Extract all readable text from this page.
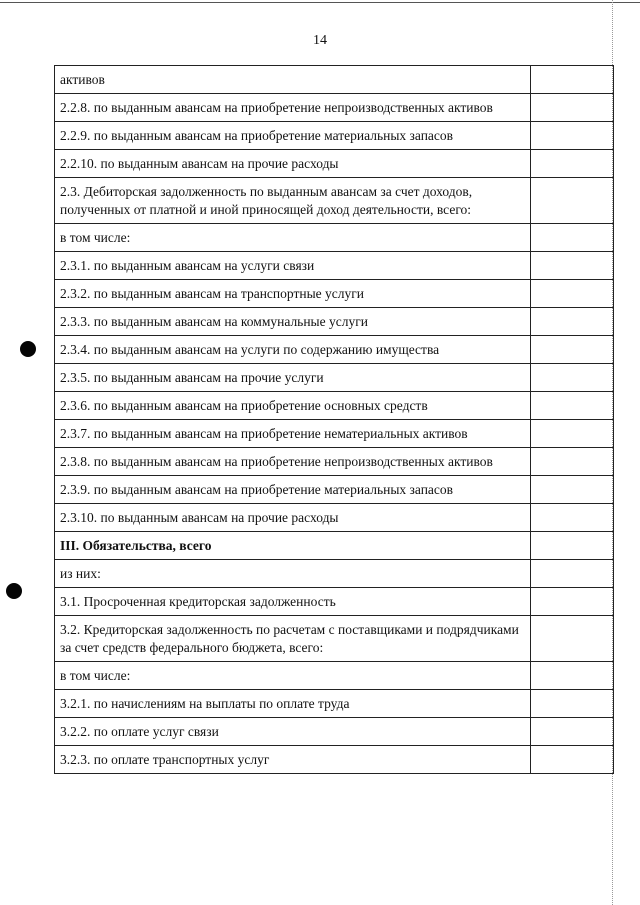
14
активов	
2.2.8. по выданным авансам на приобретение непроизводственных активов	
2.2.9. по выданным авансам на приобретение материальных запасов	
2.2.10. по выданным авансам на прочие расходы	
2.3. Дебиторская задолженность по выданным авансам за счет доходов, полученных от платной и иной приносящей доход деятельности, всего:	
в том числе:	
2.3.1. по выданным авансам на услуги связи	
2.3.2. по выданным авансам на транспортные услуги	
2.3.3. по выданным авансам на коммунальные услуги	
2.3.4. по выданным авансам на услуги по содержанию имущества	
2.3.5. по выданным авансам на прочие услуги	
2.3.6. по выданным авансам на приобретение основных средств	
2.3.7. по выданным авансам на приобретение нематериальных активов	
2.3.8. по выданным авансам на приобретение непроизводственных активов	
2.3.9. по выданным авансам на приобретение материальных запасов	
2.3.10. по выданным авансам на прочие расходы	
III. Обязательства, всего	
из них:	
3.1. Просроченная кредиторская задолженность	
3.2. Кредиторская задолженность по расчетам с поставщиками и подрядчиками за счет средств федерального бюджета, всего:	
в том числе:	
3.2.1. по начислениям на выплаты по оплате труда	
3.2.2. по оплате услуг связи	
3.2.3. по оплате транспортных услуг	
